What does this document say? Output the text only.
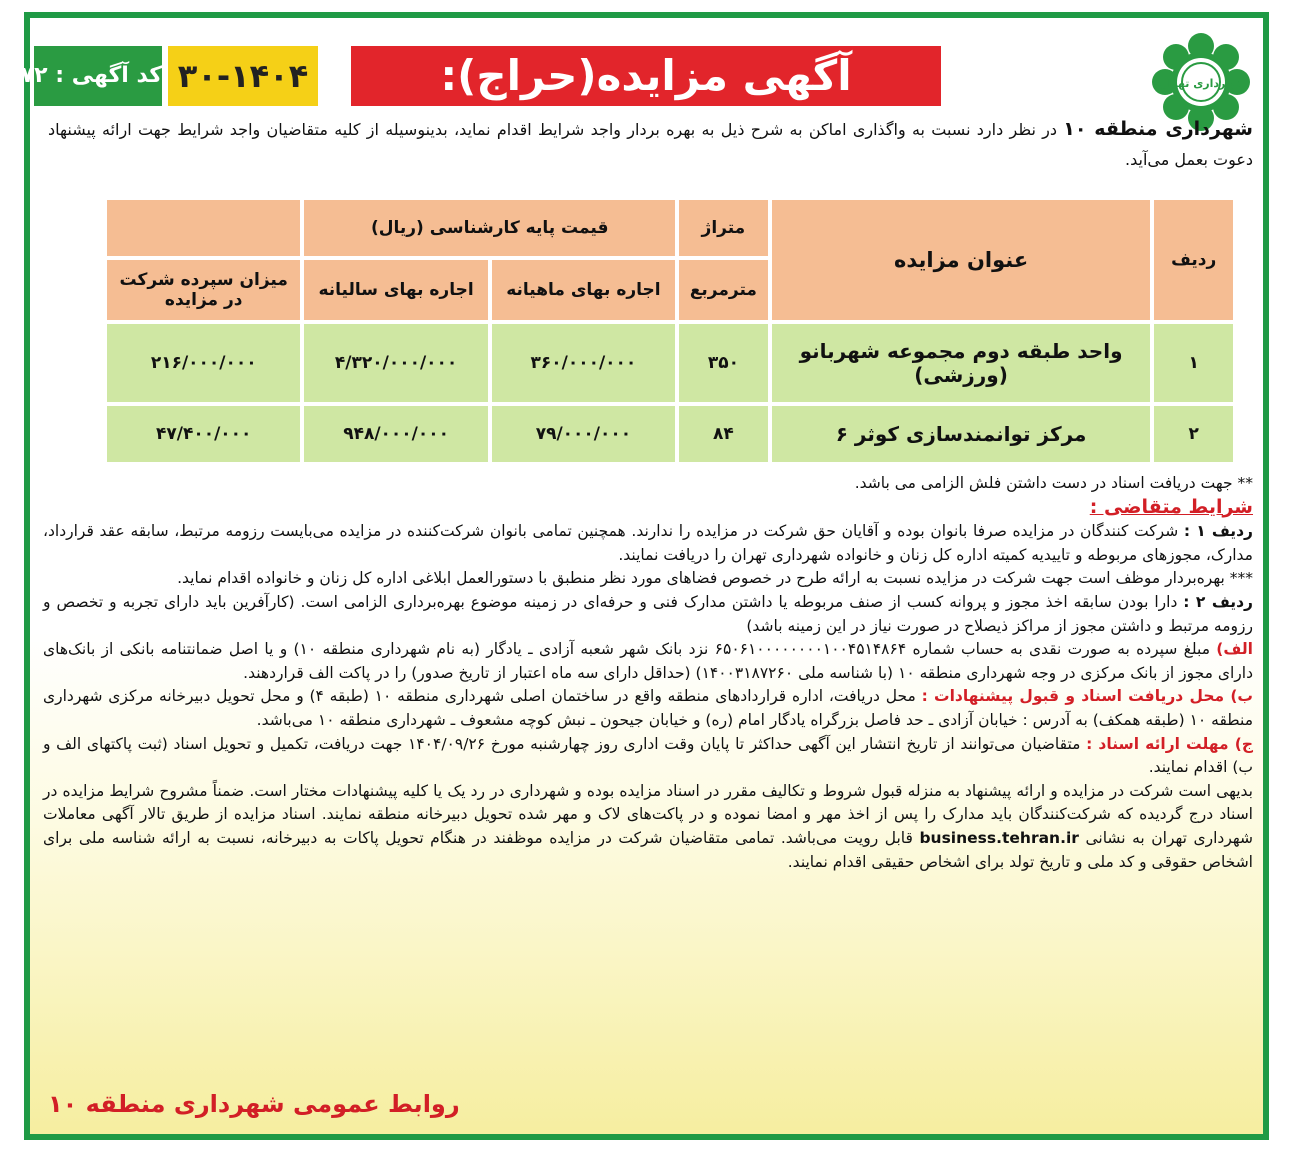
شهرداری تهران
آگهی مزایده(حراج):
۳۰-۱۴۰۴
کد آگهی : ۱۷۲
شهرداری منطقه ۱۰ در نظر دارد نسبت به واگذاری اماکن به شرح ذیل به بهره بردار واجد شرایط اقدام نماید، بدینوسیله از کلیه متقاضیان واجد شرایط جهت ارائه پیشنهاد دعوت بعمل می‌آید.
ردیف	عنوان مزایده	متراژ	قیمت پایه کارشناسی (ریال)		
		مترمربع	اجاره بهای ماهیانه	اجاره بهای سالیانه	میزان سپرده شرکت در مزایده
۱	واحد طبقه دوم مجموعه شهربانو (ورزشی)	۳۵۰	۳۶۰/۰۰۰/۰۰۰	۴/۳۲۰/۰۰۰/۰۰۰	۲۱۶/۰۰۰/۰۰۰
۲	مرکز توانمندسازی کوثر ۶	۸۴	۷۹/۰۰۰/۰۰۰	۹۴۸/۰۰۰/۰۰۰	۴۷/۴۰۰/۰۰۰

** جهت دریافت اسناد در دست داشتن فلش الزامی می باشد.

شرایط متقاضی :

ردیف ۱ : شرکت کنندگان در مزایده صرفا بانوان بوده و آقایان حق شرکت در مزایده را ندارند. همچنین تمامی بانوان شرکت‌کننده در مزایده می‌بایست رزومه مرتبط، سابقه عقد قرارداد، مدارک، مجوزهای مربوطه و تاییدیه کمیته اداره کل زنان و خانواده شهرداری تهران را دریافت نمایند.

*** بهره‌بردار موظف است جهت شرکت در مزایده نسبت به ارائه طرح در خصوص فضاهای مورد نظر منطبق با دستورالعمل ابلاغی اداره کل زنان و خانواده اقدام نماید.

ردیف ۲ : دارا بودن سابقه اخذ مجوز و پروانه کسب از صنف مربوطه یا داشتن مدارک فنی و حرفه‌ای در زمینه موضوع بهره‌برداری الزامی است. (کارآفرین باید دارای تجربه و تخصص و رزومه مرتبط و داشتن مجوز از مراکز ذیصلاح در صورت نیاز در این زمینه باشد)

الف) مبلغ سپرده به صورت نقدی به حساب شماره ۶۵۰۶۱۰۰۰۰۰۰۰۰۱۰۰۴۵۱۴۸۶۴ نزد بانک شهر شعبه آزادی ـ یادگار (به نام شهرداری منطقه ۱۰) و یا اصل ضمانتنامه بانکی از بانک‌های دارای مجوز از بانک مرکزی در وجه شهرداری منطقه ۱۰ (با شناسه ملی ۱۴۰۰۳۱۸۷۲۶۰) (حداقل دارای سه ماه اعتبار از تاریخ صدور) را در پاکت الف قراردهند.

ب) محل دریافت اسناد و قبول پیشنهادات : محل دریافت، اداره قراردادهای منطقه واقع در ساختمان اصلی شهرداری منطقه ۱۰ (طبقه ۴) و محل تحویل دبیرخانه مرکزی شهرداری منطقه ۱۰ (طبقه همکف) به آدرس : خیابان آزادی ـ حد فاصل بزرگراه یادگار امام (ره) و خیابان جیحون ـ نبش کوچه مشعوف ـ شهرداری منطقه ۱۰ می‌باشد.

ج) مهلت ارائه اسناد : متقاضیان می‌توانند از تاریخ انتشار این آگهی حداکثر تا پایان وقت اداری روز چهارشنبه مورخ ۱۴۰۴/۰۹/۲۶ جهت دریافت، تکمیل و تحویل اسناد (ثبت پاکتهای الف و ب) اقدام نمایند.

بدیهی است شرکت در مزایده و ارائه پیشنهاد به منزله قبول شروط و تکالیف مقرر در اسناد مزایده بوده و شهرداری در رد یک یا کلیه پیشنهادات مختار است. ضمناً مشروح شرایط مزایده در اسناد درج گردیده که شرکت‌کنندگان باید مدارک را پس از اخذ مهر و امضا نموده و در پاکت‌های لاک و مهر شده تحویل دبیرخانه منطقه نمایند. اسناد مزایده از طریق تالار آگهی معاملات شهرداری تهران به نشانی business.tehran.ir قابل رویت می‌باشد. تمامی متقاضیان شرکت در مزایده موظفند در هنگام تحویل پاکات به دبیرخانه، نسبت به ارائه شناسه ملی برای اشخاص حقوقی و کد ملی و تاریخ تولد برای اشخاص حقیقی اقدام نمایند.

روابط عمومی شهرداری منطقه ۱۰
